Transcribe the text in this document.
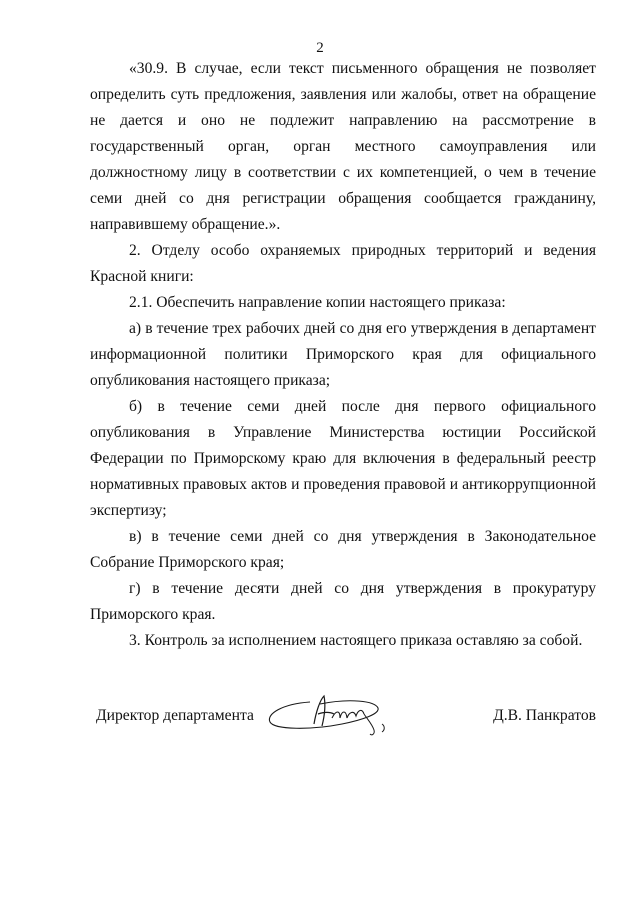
2

«30.9. В случае, если текст письменного обращения не позволяет определить суть предложения, заявления или жалобы, ответ на обращение не дается и оно не подлежит направлению на рассмотрение в государственный орган, орган местного самоуправления или должностному лицу в соответствии с их компетенцией, о чем в течение семи дней со дня регистрации обращения сообщается гражданину, направившему обращение.».

2. Отделу особо охраняемых природных территорий и ведения Красной книги:

2.1. Обеспечить направление копии настоящего приказа:

а) в течение трех рабочих дней со дня его утверждения в департамент информационной политики Приморского края для официального опубликования настоящего приказа;

б) в течение семи дней после дня первого официального опубликования в Управление Министерства юстиции Российской Федерации по Приморскому краю для включения в федеральный реестр нормативных правовых актов и проведения правовой и антикоррупционной экспертизу;

в) в течение семи дней со дня утверждения в Законодательное Собрание Приморского края;

г) в течение десяти дней со дня утверждения в прокуратуру Приморского края.

3. Контроль за исполнением настоящего приказа оставляю за собой.

Директор департамента	Д.В. Панкратов
